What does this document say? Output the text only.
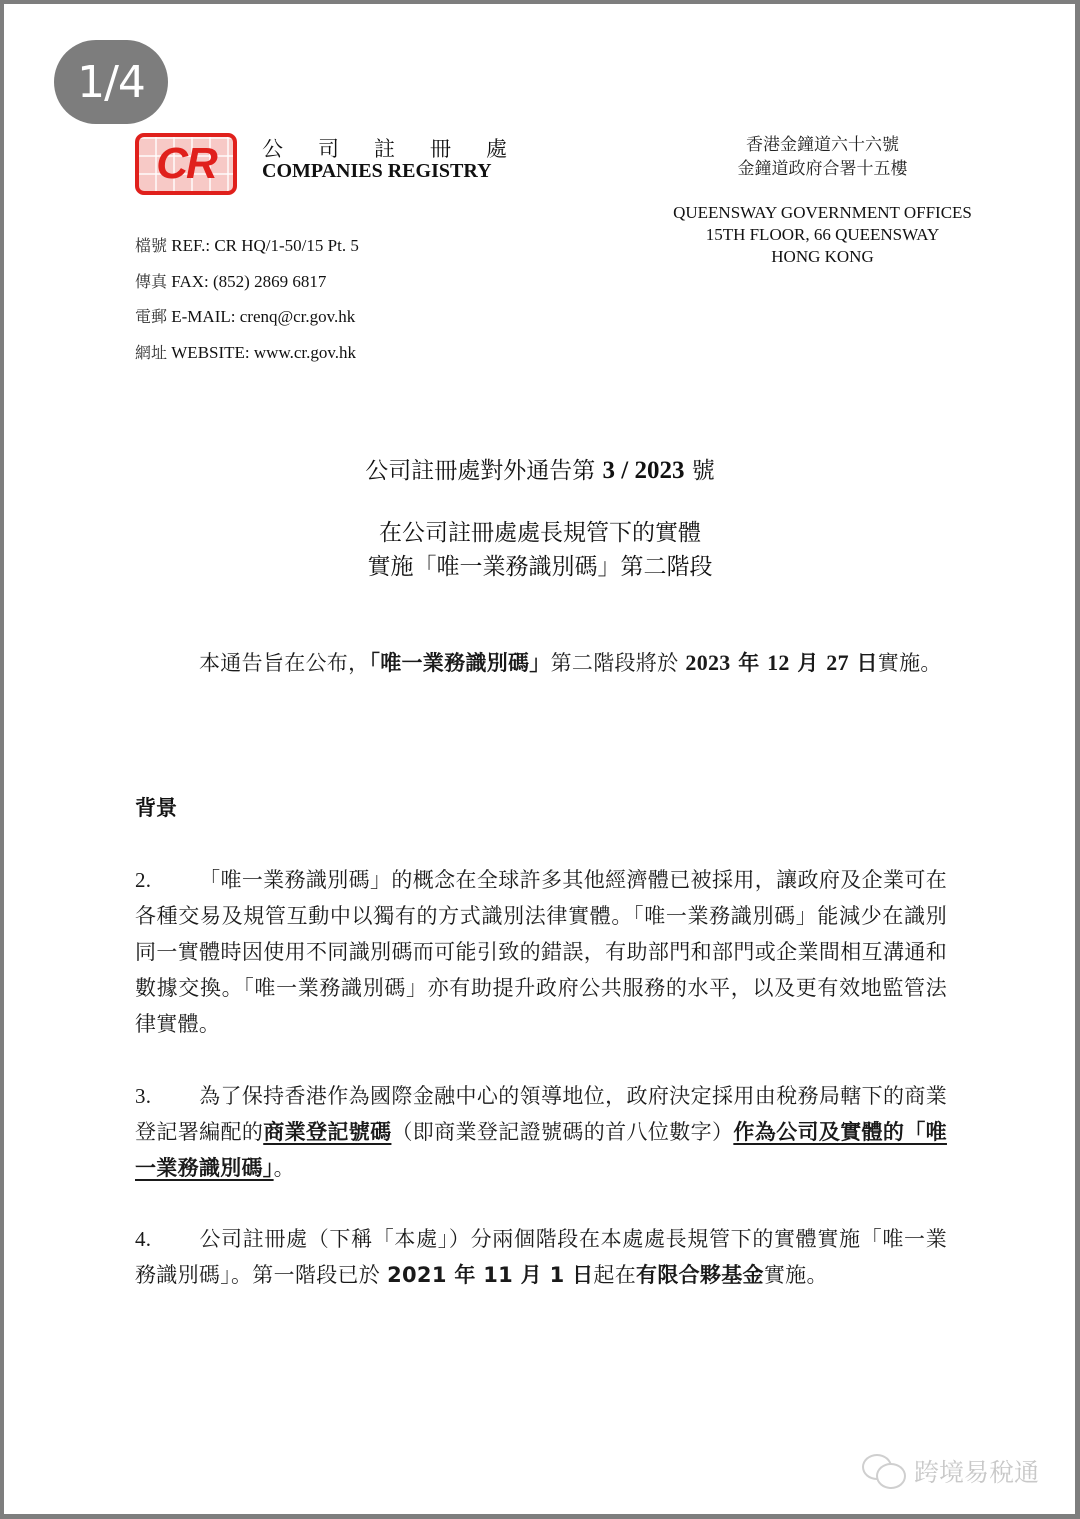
1/4
CR 公 司 註 冊 處
COMPANIES REGISTRY
香港金鐘道六十六號
金鐘道政府合署十五樓
QUEENSWAY GOVERNMENT OFFICES
15TH FLOOR, 66 QUEENSWAY
HONG KONG
檔號 REF.: CR HQ/1-50/15 Pt. 5
傳真 FAX: (852) 2869 6817
電郵 E-MAIL: crenq@cr.gov.hk
網址 WEBSITE: www.cr.gov.hk
公司註冊處對外通告第 3 / 2023 號
在公司註冊處處長規管下的實體
實施「唯一業務識別碼」第二階段
本通告旨在公布，「唯一業務識別碼」第二階段將於 2023 年 12 月 27 日實施。
背景
2. 「唯一業務識別碼」的概念在全球許多其他經濟體已被採用，讓政府及企業可在各種交易及規管互動中以獨有的方式識別法律實體。「唯一業務識別碼」能減少在識別同一實體時因使用不同識別碼而可能引致的錯誤，有助部門和部門或企業間相互溝通和數據交換。「唯一業務識別碼」亦有助提升政府公共服務的水平，以及更有效地監管法律實體。
3. 為了保持香港作為國際金融中心的領導地位，政府決定採用由稅務局轄下的商業登記署編配的商業登記號碼（即商業登記證號碼的首八位數字）作為公司及實體的「唯一業務識別碼」。
4. 公司註冊處（下稱「本處」）分兩個階段在本處處長規管下的實體實施「唯一業務識別碼」。第一階段已於 2021 年 11 月 1 日起在有限合夥基金實施。
跨境易稅通
